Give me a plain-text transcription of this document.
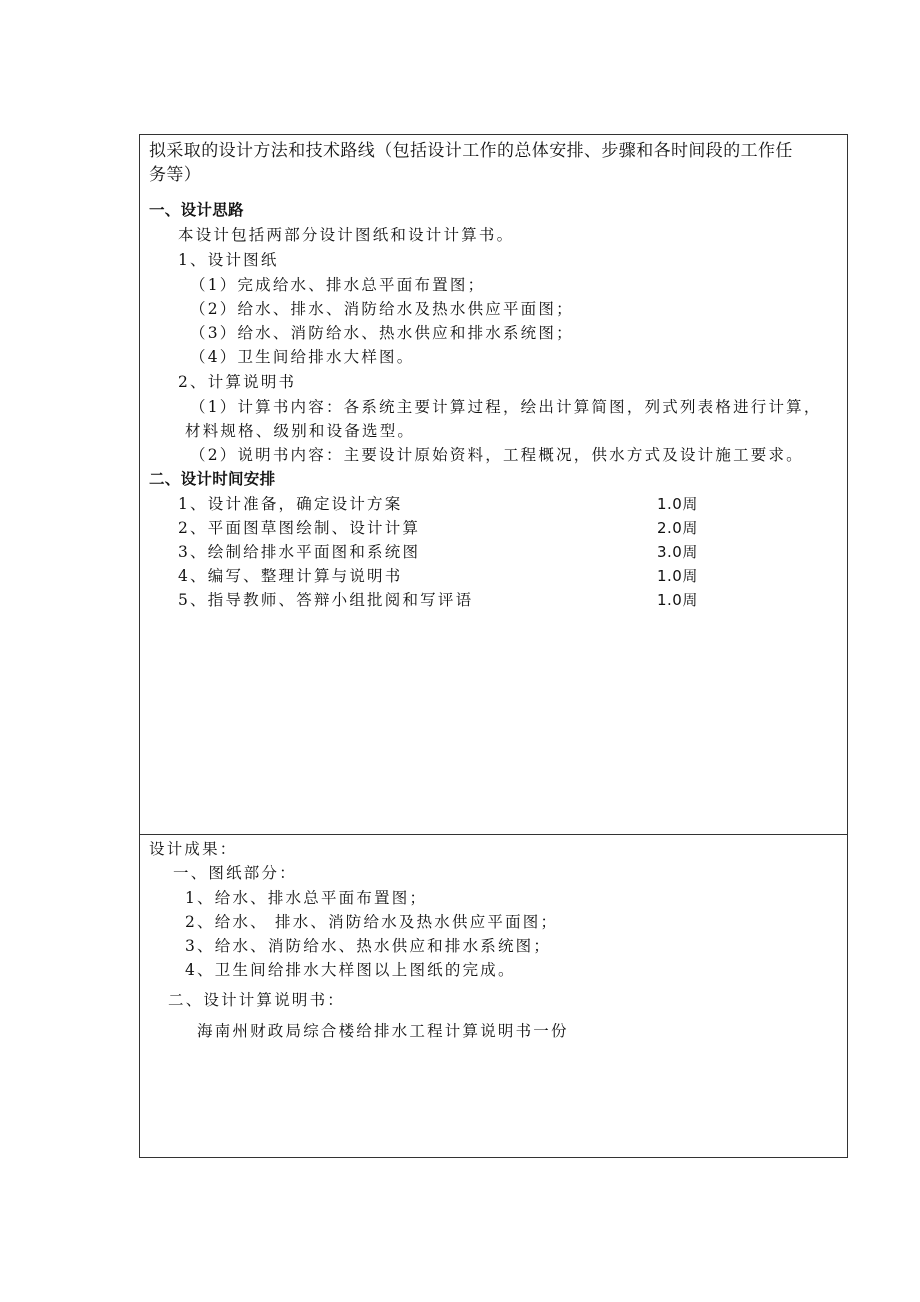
拟采取的设计方法和技术路线（包括设计工作的总体安排、步骤和各时间段的工作任
务等）
一、设计思路
本设计包括两部分设计图纸和设计计算书。
1、设计图纸
（1）完成给水、排水总平面布置图；
（2）给水、排水、消防给水及热水供应平面图；
（3）给水、消防给水、热水供应和排水系统图；
（4）卫生间给排水大样图。
2、计算说明书
（1）计算书内容：各系统主要计算过程，绘出计算简图，列式列表格进行计算，
材料规格、级别和设备选型。
（2）说明书内容：主要设计原始资料，工程概况，供水方式及设计施工要求。
二、设计时间安排
1、设计准备，确定设计方案	1.0周
2、平面图草图绘制、设计计算	2.0周
3、绘制给排水平面图和系统图	3.0周
4、编写、整理计算与说明书	1.0周
5、指导教师、答辩小组批阅和写评语	1.0周
设计成果：
一、图纸部分：
1、给水、排水总平面布置图；
2、给水、 排水、消防给水及热水供应平面图；
3、给水、消防给水、热水供应和排水系统图；
4、卫生间给排水大样图以上图纸的完成。
二、设计计算说明书：
海南州财政局综合楼给排水工程计算说明书一份
